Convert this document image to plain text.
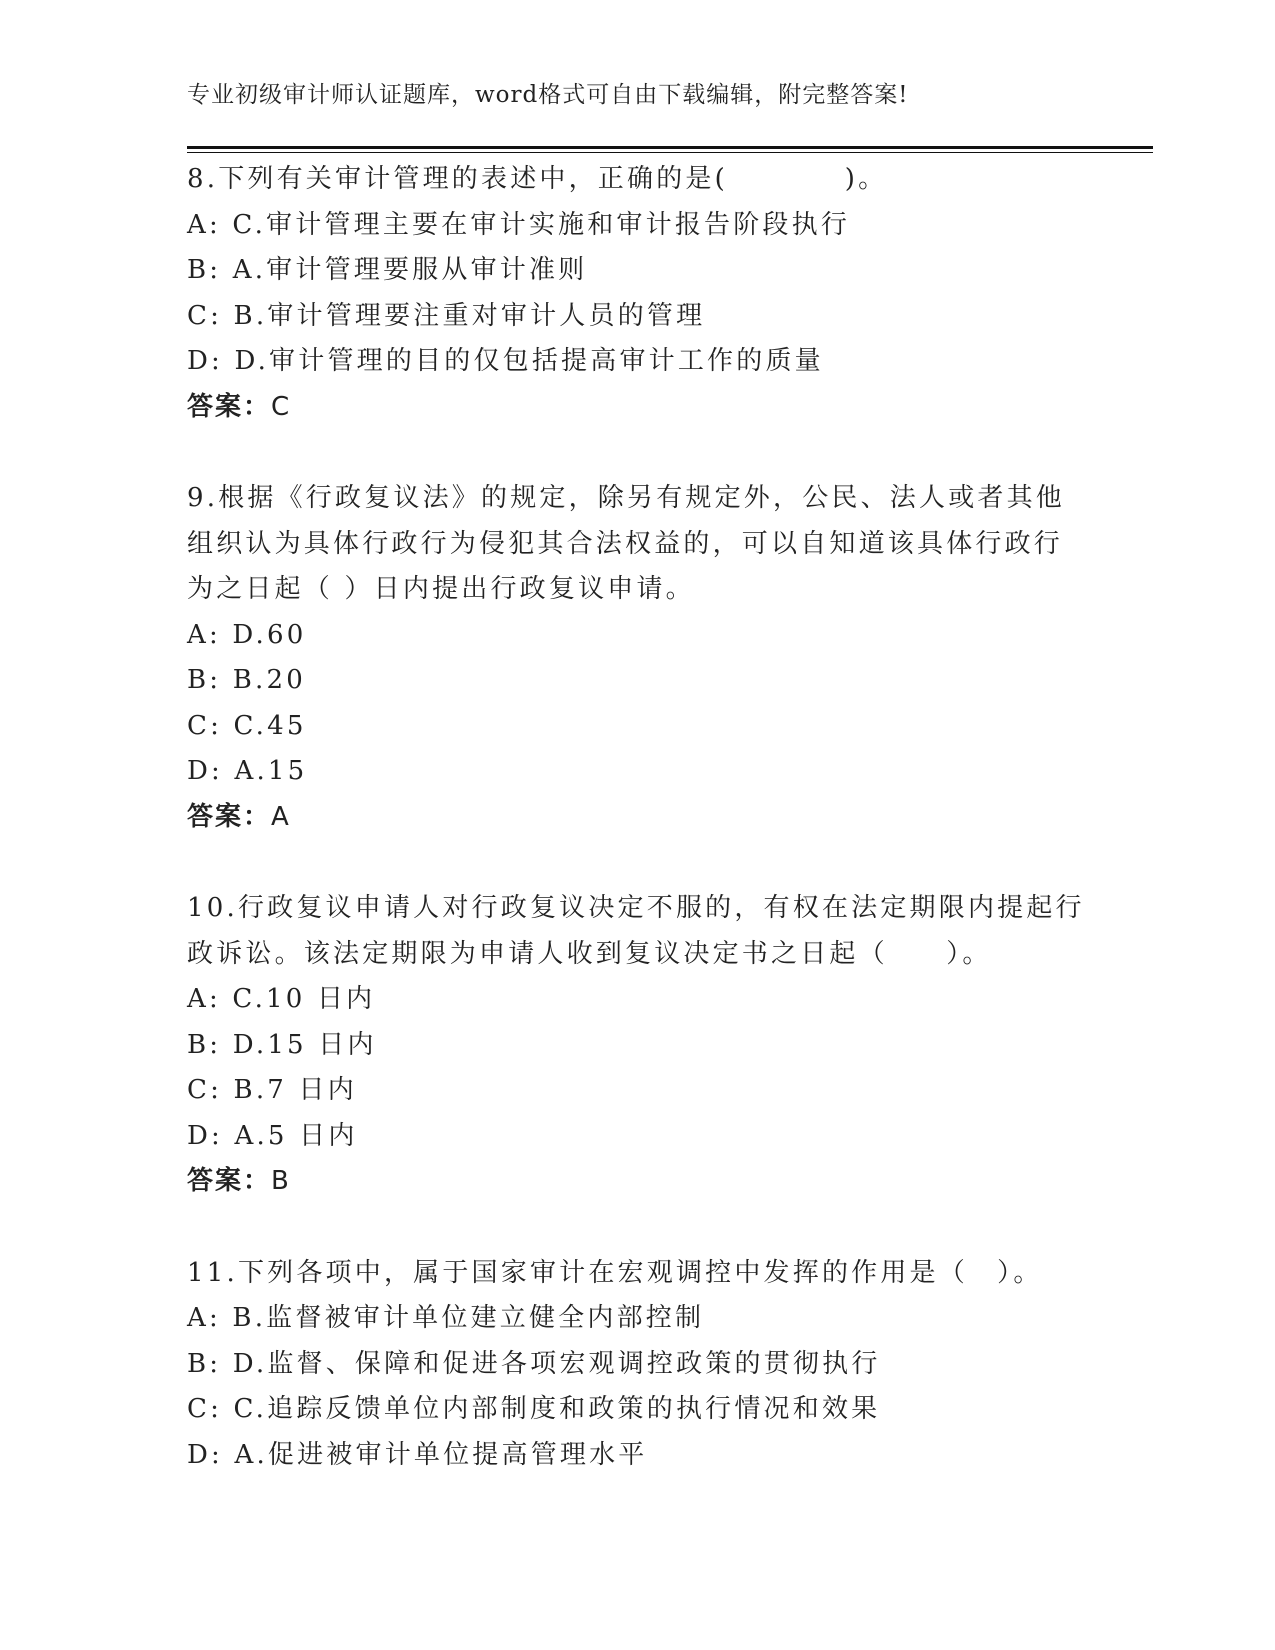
专业初级审计师认证题库，word格式可自由下载编辑，附完整答案!

8.下列有关审计管理的表述中，正确的是(　　　　)。

A: C.审计管理主要在审计实施和审计报告阶段执行

B: A.审计管理要服从审计准则

C: B.审计管理要注重对审计人员的管理

D: D.审计管理的目的仅包括提高审计工作的质量

答案：C

9.根据《行政复议法》的规定，除另有规定外，公民、法人或者其他组织认为具体行政行为侵犯其合法权益的，可以自知道该具体行政行为之日起（ ）日内提出行政复议申请。

A: D.60

B: B.20

C: C.45

D: A.15

答案：A

10.行政复议申请人对行政复议决定不服的，有权在法定期限内提起行政诉讼。该法定期限为申请人收到复议决定书之日起（　　）。

A: C.10 日内

B: D.15 日内

C: B.7 日内

D: A.5 日内

答案：B

11.下列各项中，属于国家审计在宏观调控中发挥的作用是（　）。

A: B.监督被审计单位建立健全内部控制

B: D.监督、保障和促进各项宏观调控政策的贯彻执行

C: C.追踪反馈单位内部制度和政策的执行情况和效果

D: A.促进被审计单位提高管理水平
